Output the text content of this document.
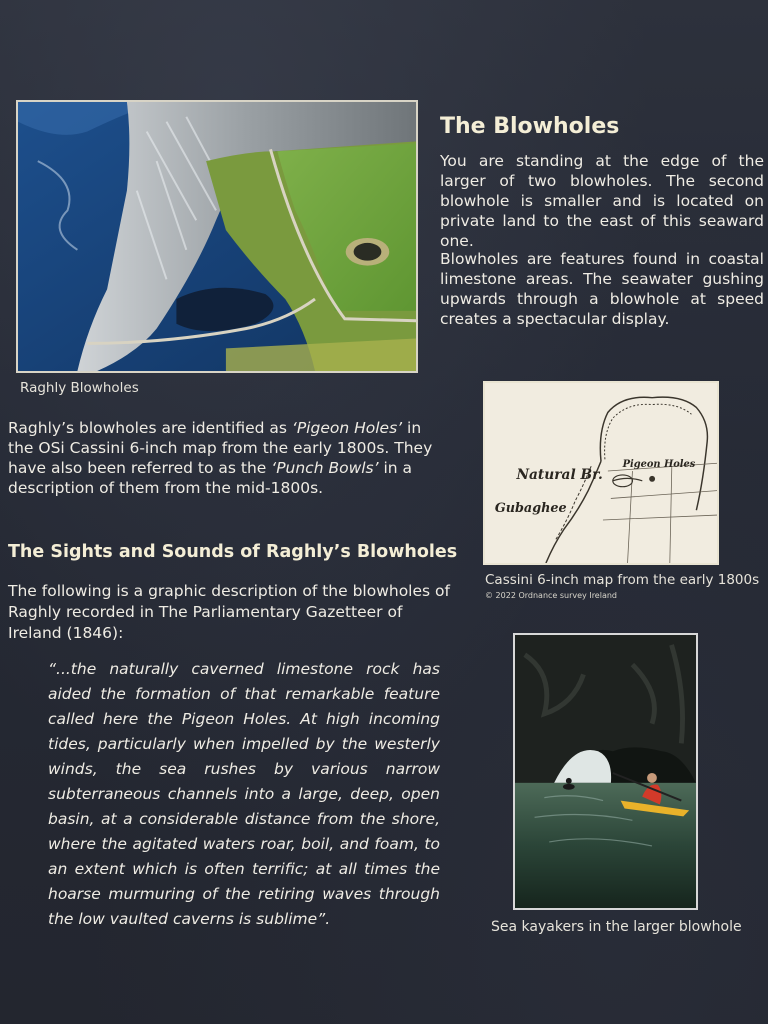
Raghly Blowholes
The Blowholes

You are standing at the edge of the larger of two blowholes. The second blowhole is smaller and is located on private land to the east of this seaward one.

Blowholes are features found in coastal limestone areas. The seawater gushing upwards through a blowhole at speed creates a spectacular display.

Raghly’s blowholes are identified as ‘Pigeon Holes’ in the OSi Cassini 6-inch map from the early 1800s. They have also been referred to as the ‘Punch Bowls’ in a description of them from the mid-1800s.

Natural Br.
Pigeon Holes
Gubaghee
Cassini 6-inch map from the early 1800s
© 2022 Ordnance survey Ireland
The Sights and Sounds of Raghly’s Blowholes

The following is a graphic description of the blowholes of Raghly recorded in The Parliamentary Gazetteer of Ireland (1846):

“...the naturally caverned limestone rock has aided the formation of that remarkable feature called here the Pigeon Holes. At high incoming tides, particularly when impelled by the westerly winds, the sea rushes by various narrow subterraneous channels into a large, deep, open basin, at a considerable distance from the shore, where the agitated waters roar, boil, and foam, to an extent which is often terrific; at all times the hoarse murmuring of the retiring waves through the low vaulted caverns is sublime”.	Sea kayakers in the larger blowhole
